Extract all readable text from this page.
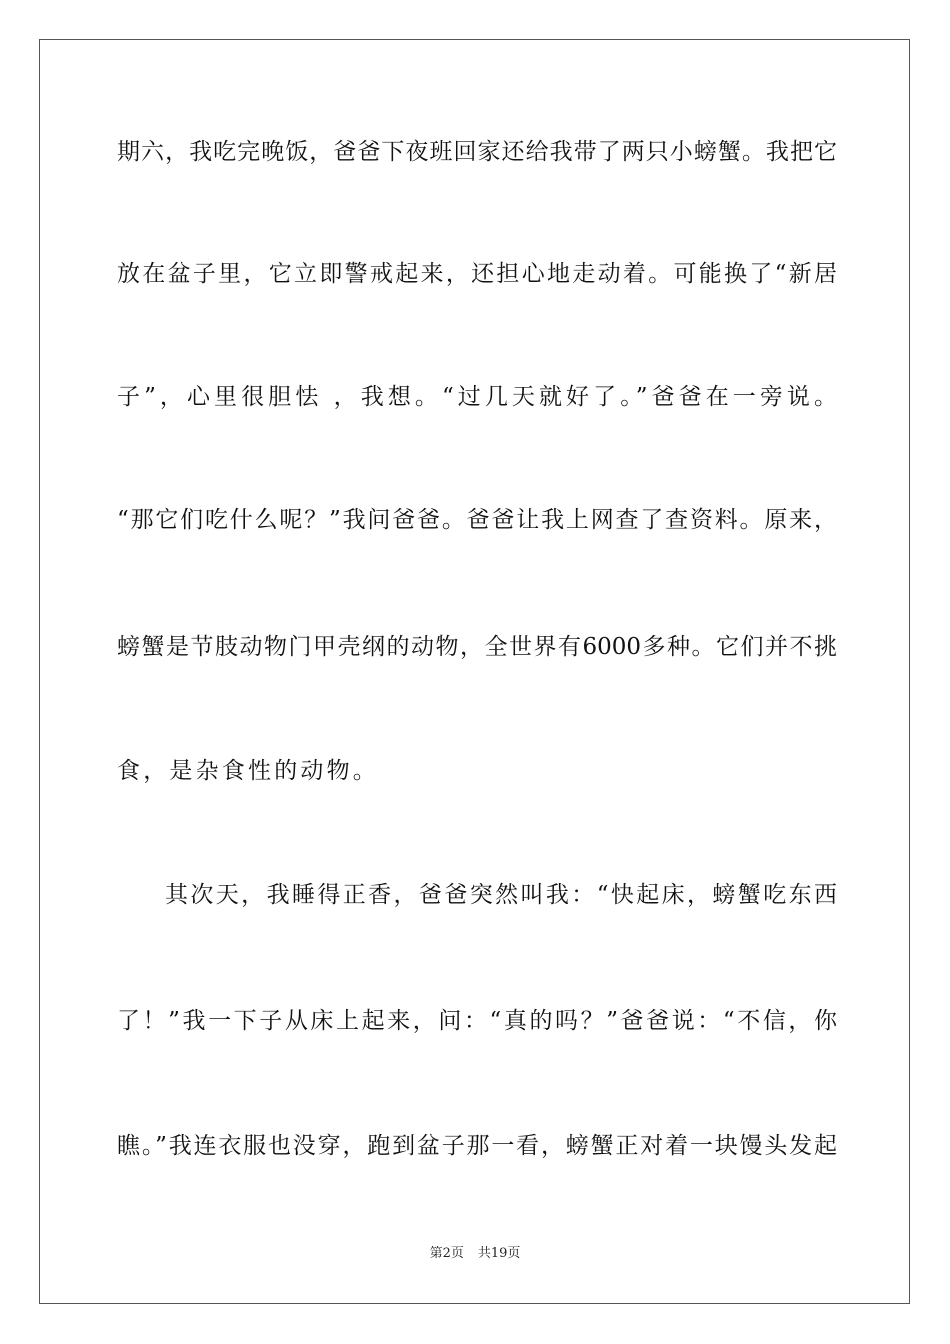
期六，我吃完晚饭，爸爸下夜班回家还给我带了两只小螃蟹。我把它
放在盆子里，它立即警戒起来，还担心地走动着。可能换了“新居
子”，心里很胆怯 ，我想。“过几天就好了。”爸爸在一旁说。
“那它们吃什么呢？”我问爸爸。爸爸让我上网查了查资料。原来，
螃蟹是节肢动物门甲壳纲的动物，全世界有6000多种。它们并不挑
食，是杂食性的动物。
其次天，我睡得正香，爸爸突然叫我：“快起床，螃蟹吃东西
了！”我一下子从床上起来，问：“真的吗？”爸爸说：“不信，你
瞧。”我连衣服也没穿，跑到盆子那一看，螃蟹正对着一块馒头发起
第2页 共19页
